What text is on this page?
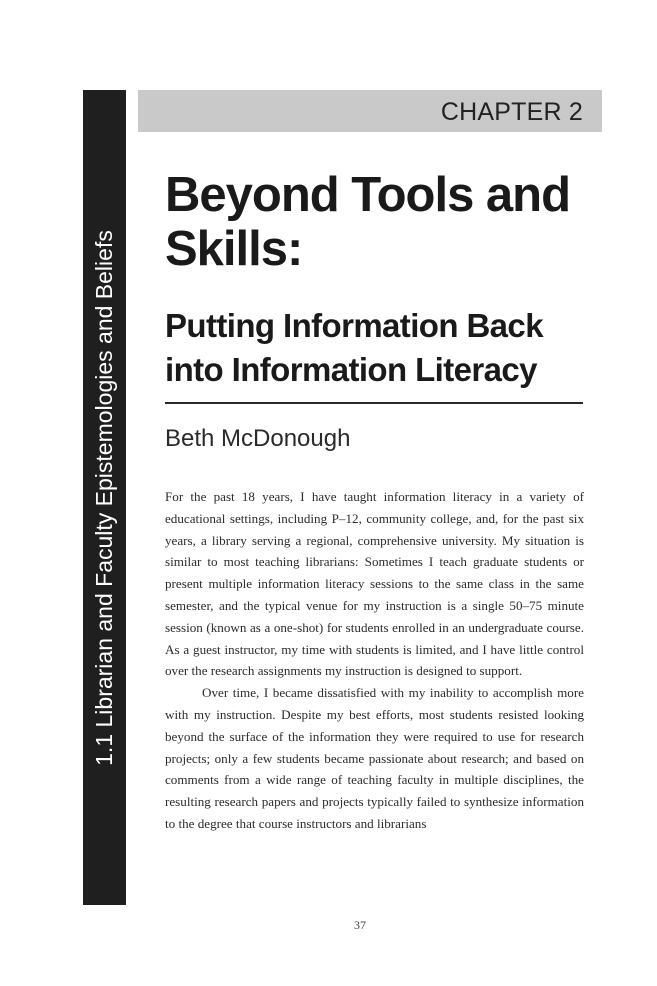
1.1 Librarian and Faculty Epistemologies and Beliefs
CHAPTER 2
Beyond Tools and Skills:
Putting Information Back into Information Literacy
Beth McDonough

For the past 18 years, I have taught information literacy in a variety of educational settings, including P–12, community college, and, for the past six years, a library serving a regional, comprehensive university. My situation is similar to most teaching librarians: Sometimes I teach graduate students or present multiple information literacy sessions to the same class in the same semester, and the typical venue for my instruction is a single 50–75 minute session (known as a one-shot) for students enrolled in an undergraduate course. As a guest instructor, my time with students is limited, and I have little control over the research assignments my instruction is designed to support.

Over time, I became dissatisfied with my inability to accomplish more with my instruction. Despite my best efforts, most students resisted looking beyond the surface of the information they were required to use for research projects; only a few students became passionate about research; and based on comments from a wide range of teaching faculty in multiple disciplines, the resulting research papers and projects typically failed to synthesize information to the degree that course instructors and librarians

37
